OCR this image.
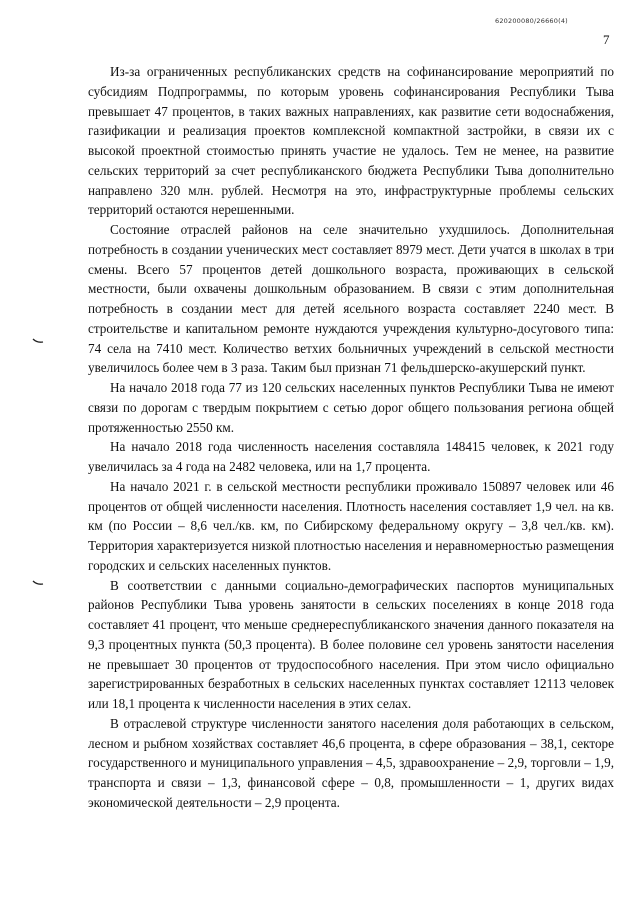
620200080/26660(4)
7

Из-за ограниченных республиканских средств на софинансирование мероприятий по субсидиям Подпрограммы, по которым уровень софинансирования Республики Тыва превышает 47 процентов, в таких важных направлениях, как развитие сети водоснабжения, газификации и реализация проектов комплексной компактной застройки, в связи их с высокой проектной стоимостью принять участие не удалось. Тем не менее, на развитие сельских территорий за счет республиканского бюджета Республики Тыва дополнительно направлено 320 млн. рублей. Несмотря на это, инфраструктурные проблемы сельских территорий остаются нерешенными.

Состояние отраслей районов на селе значительно ухудшилось. Дополнительная потребность в создании ученических мест составляет 8979 мест. Дети учатся в школах в три смены. Всего 57 процентов детей дошкольного возраста, проживающих в сельской местности, были охвачены дошкольным образованием. В связи с этим дополнительная потребность в создании мест для детей ясельного возраста составляет 2240 мест. В строительстве и капитальном ремонте нуждаются учреждения культурно-досугового типа: 74 села на 7410 мест. Количество ветхих больничных учреждений в сельской местности увеличилось более чем в 3 раза. Таким был признан 71 фельдшерско-акушерский пункт.

На начало 2018 года 77 из 120 сельских населенных пунктов Республики Тыва не имеют связи по дорогам с твердым покрытием с сетью дорог общего пользования региона общей протяженностью 2550 км.

На начало 2018 года численность населения составляла 148415 человек, к 2021 году увеличилась за 4 года на 2482 человека, или на 1,7 процента.

На начало 2021 г. в сельской местности республики проживало 150897 человек или 46 процентов от общей численности населения. Плотность населения составляет 1,9 чел. на кв. км (по России – 8,6 чел./кв. км, по Сибирскому федеральному округу – 3,8 чел./кв. км). Территория характеризуется низкой плотностью населения и неравномерностью размещения городских и сельских населенных пунктов.

В соответствии с данными социально-демографических паспортов муниципальных районов Республики Тыва уровень занятости в сельских поселениях в конце 2018 года составляет 41 процент, что меньше среднереспубликанского значения данного показателя на 9,3 процентных пункта (50,3 процента). В более половине сел уровень занятости населения не превышает 30 процентов от трудоспособного населения. При этом число официально зарегистрированных безработных в сельских населенных пунктах составляет 12113 человек или 18,1 процента к численности населения в этих селах.

В отраслевой структуре численности занятого населения доля работающих в сельском, лесном и рыбном хозяйствах составляет 46,6 процента, в сфере образования – 38,1, секторе государственного и муниципального управления – 4,5, здравоохранение – 2,9, торговли – 1,9, транспорта и связи – 1,3, финансовой сфере – 0,8, промышленности – 1, других видах экономической деятельности – 2,9 процента.
